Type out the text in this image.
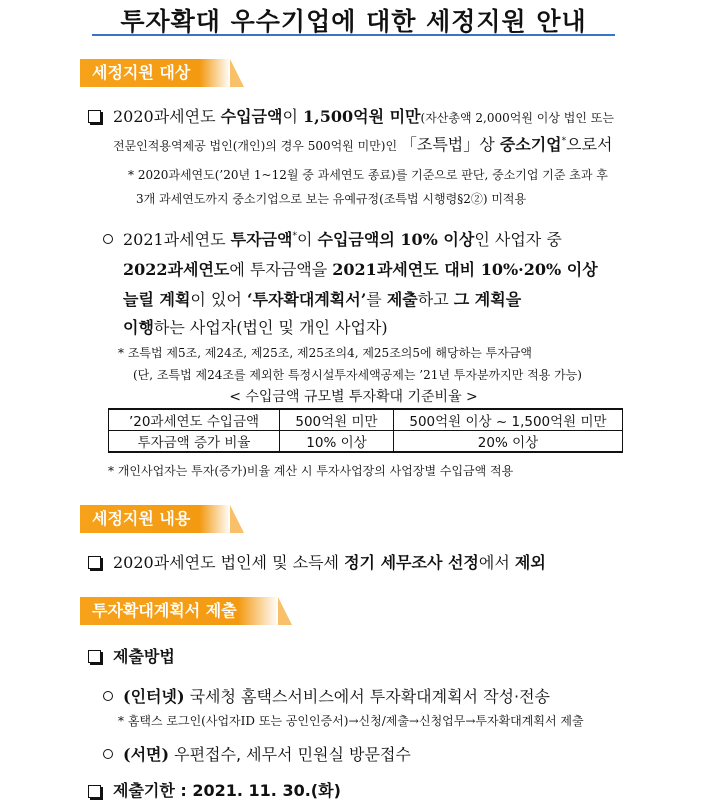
투자확대 우수기업에 대한 세정지원 안내
세정지원 대상
2020과세연도 수입금액이 1,500억원 미만(자산총액 2,000억원 이상 법인 또는
전문인적용역제공 법인(개인)의 경우 500억원 미만)인 「조특법」상 중소기업*으로서
* 2020과세연도(’20년 1~12월 중 과세연도 종료)를 기준으로 판단, 중소기업 기준 초과 후
3개 과세연도까지 중소기업으로 보는 유예규정(조특법 시행령§2②) 미적용
2021과세연도 투자금액*이 수입금액의 10% 이상인 사업자 중
2022과세연도에 투자금액을 2021과세연도 대비 10%·20% 이상
늘릴 계획이 있어 ‘투자확대계획서’를 제출하고 그 계획을
이행하는 사업자(법인 및 개인 사업자)
* 조특법 제5조, 제24조, 제25조, 제25조의4, 제25조의5에 해당하는 투자금액
(단, 조특법 제24조를 제외한 특정시설투자세액공제는 ’21년 투자분까지만 적용 가능)
< 수입금액 규모별 투자확대 기준비율 >
’20과세연도 수입금액	500억원 미만	500억원 이상 ~ 1,500억원 미만
투자금액 증가 비율	10% 이상	20% 이상
* 개인사업자는 투자(증가)비율 계산 시 투자사업장의 사업장별 수입금액 적용
세정지원 내용
2020과세연도 법인세 및 소득세 정기 세무조사 선정에서 제외
투자확대계획서 제출
제출방법
(인터넷) 국세청 홈택스서비스에서 투자확대계획서 작성·전송
* 홈택스 로그인(사업자ID 또는 공인인증서)→신청/제출→신청업무→투자확대계획서 제출
(서면) 우편접수, 세무서 민원실 방문접수
제출기한 : 2021. 11. 30.(화)
